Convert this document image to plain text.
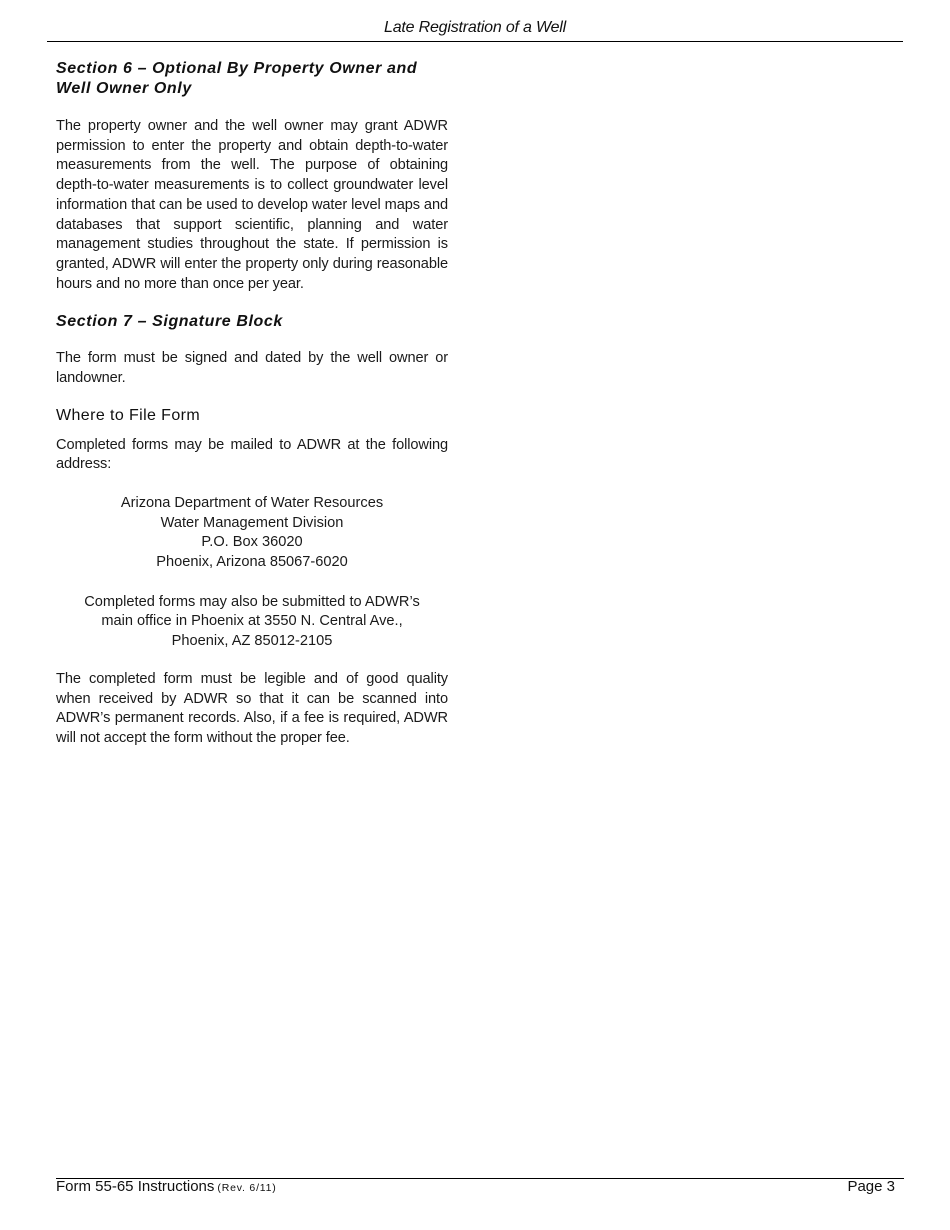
Late Registration of a Well
Section 6 – Optional By Property Owner and
Well Owner Only

The property owner and the well owner may grant ADWR permission to enter the property and obtain depth-to-water measurements from the well. The purpose of obtaining depth-to-water measurements is to collect groundwater level information that can be used to develop water level maps and databases that support scientific, planning and water management studies throughout the state. If permission is granted, ADWR will enter the property only during reasonable hours and no more than once per year.

Section 7 – Signature Block

The form must be signed and dated by the well owner or landowner.

Where to File Form

Completed forms may be mailed to ADWR at the following address:

Arizona Department of Water Resources
Water Management Division
P.O. Box 36020
Phoenix, Arizona 85067-6020
Completed forms may also be submitted to ADWR’s
main office in Phoenix at 3550 N. Central Ave.,
Phoenix, AZ 85012-2105

The completed form must be legible and of good quality when received by ADWR so that it can be scanned into ADWR’s permanent records. Also, if a fee is required, ADWR will not accept the form without the proper fee.

Form 55-65 Instructions (Rev. 6/11)	Page 3
